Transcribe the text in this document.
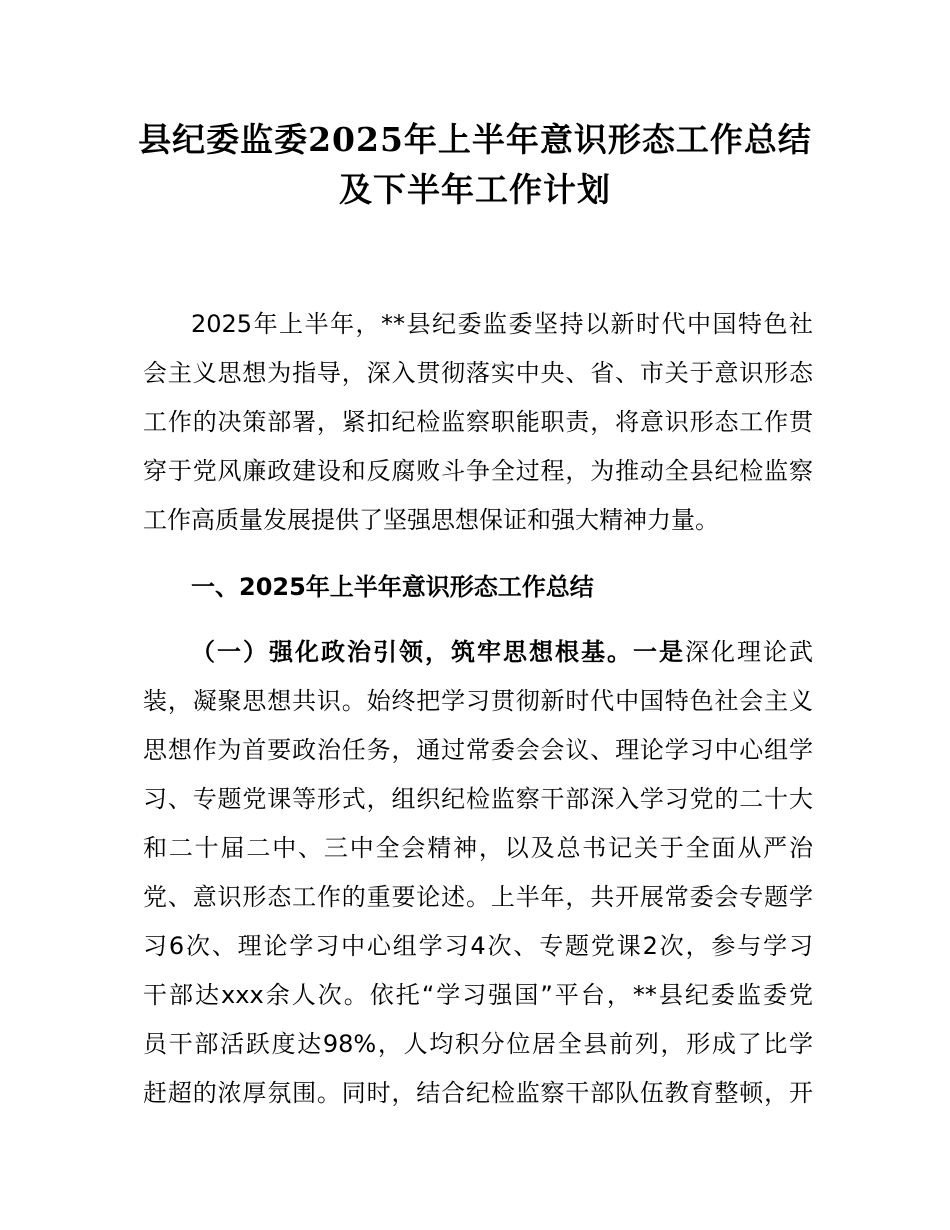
县纪委监委2025年上半年意识形态工作总结
及下半年工作计划

2025年上半年，**县纪委监委坚持以新时代中国特色社

会主义思想为指导，深入贯彻落实中央、省、市关于意识形态

工作的决策部署，紧扣纪检监察职能职责，将意识形态工作贯

穿于党风廉政建设和反腐败斗争全过程，为推动全县纪检监察

工作高质量发展提供了坚强思想保证和强大精神力量。

一、2025年上半年意识形态工作总结

（一）强化政治引领，筑牢思想根基。一是深化理论武

装，凝聚思想共识。始终把学习贯彻新时代中国特色社会主义

思想作为首要政治任务，通过常委会会议、理论学习中心组学

习、专题党课等形式，组织纪检监察干部深入学习党的二十大

和二十届二中、三中全会精神，以及总书记关于全面从严治

党、意识形态工作的重要论述。上半年，共开展常委会专题学

习6次、理论学习中心组学习4次、专题党课2次，参与学习

干部达xxx余人次。依托“学习强国”平台，**县纪委监委党

员干部活跃度达98%，人均积分位居全县前列，形成了比学

赶超的浓厚氛围。同时，结合纪检监察干部队伍教育整顿，开
